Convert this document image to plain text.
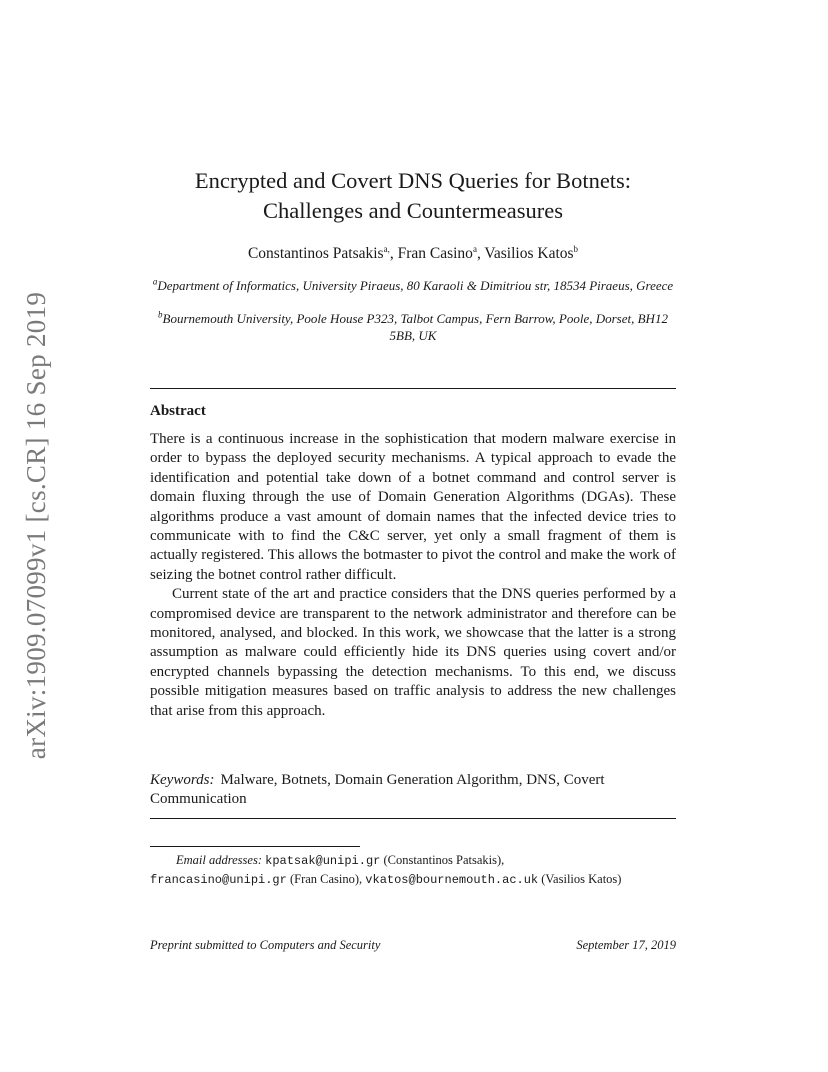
arXiv:1909.07099v1 [cs.CR] 16 Sep 2019
Encrypted and Covert DNS Queries for Botnets:
Challenges and Countermeasures
Constantinos Patsakis$^{a,}$, Fran Casino$^a$, Vasilios Katos$^b$
$^a$Department of Informatics, University Piraeus, 80 Karaoli & Dimitriou str, 18534 Piraeus, Greece
$^b$Bournemouth University, Poole House P323, Talbot Campus, Fern Barrow, Poole, Dorset, BH12 5BB, UK
Abstract

There is a continuous increase in the sophistication that modern malware exercise in order to bypass the deployed security mechanisms. A typical approach to evade the identification and potential take down of a botnet command and control server is domain fluxing through the use of Domain Generation Algorithms (DGAs). These algorithms produce a vast amount of domain names that the infected device tries to communicate with to find the C&C server, yet only a small fragment of them is actually registered. This allows the botmaster to pivot the control and make the work of seizing the botnet control rather difficult.

Current state of the art and practice considers that the DNS queries performed by a compromised device are transparent to the network administrator and therefore can be monitored, analysed, and blocked. In this work, we showcase that the latter is a strong assumption as malware could efficiently hide its DNS queries using covert and/or encrypted channels bypassing the detection mechanisms. To this end, we discuss possible mitigation measures based on traffic analysis to address the new challenges that arise from this approach.

Keywords: Malware, Botnets, Domain Generation Algorithm, DNS, Covert Communication
Email addresses: kpatsak@unipi.gr (Constantinos Patsakis),
francasino@unipi.gr (Fran Casino), vkatos@bournemouth.ac.uk (Vasilios Katos)
Preprint submitted to Computers and Security	September 17, 2019
